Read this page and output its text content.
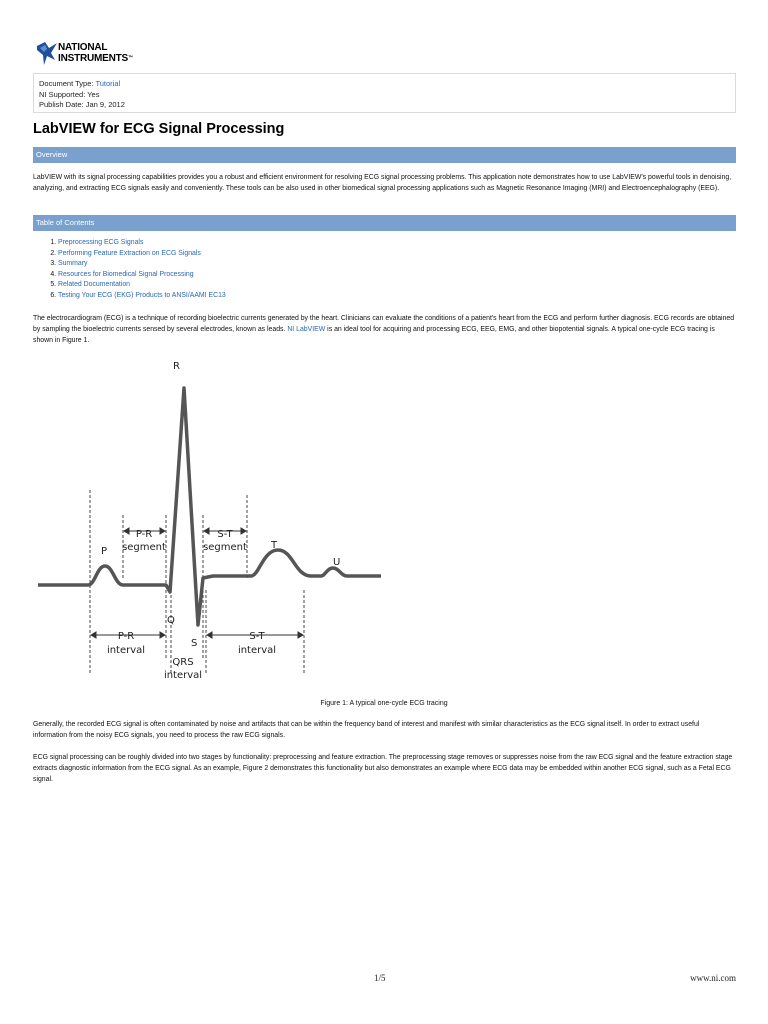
NATIONAL
INSTRUMENTS™
Document Type: Tutorial
NI Supported: Yes
Publish Date: Jan 9, 2012
LabVIEW for ECG Signal Processing
Overview

LabVIEW with its signal processing capabilities provides you a robust and efficient environment for resolving ECG signal processing problems. This application note demonstrates how to use LabVIEW's powerful tools in denoising, analyzing, and extracting ECG signals easily and conveniently. These tools can be also used in other biomedical signal processing applications such as Magnetic Resonance Imaging (MRI) and Electroencephalography (EEG).

Table of Contents
1. Preprocessing ECG Signals
2. Performing Feature Extraction on ECG Signals
3. Summary
4. Resources for Biomedical Signal Processing
5. Related Documentation
6. Testing Your ECG (EKG) Products to ANSI/AAMI EC13

The electrocardiogram (ECG) is a technique of recording bioelectric currents generated by the heart. Clinicians can evaluate the conditions of a patient's heart from the ECG and perform further diagnosis. ECG records are obtained by sampling the bioelectric currents sensed by several electrodes, known as leads. NI LabVIEW is an ideal tool for acquiring and processing ECG, EEG, EMG, and other biopotential signals. A typical one-cycle ECG tracing is shown in Figure 1.

R
P
Q
S
T
U
P-R
segment
S-T
segment
P-R
interval
S-T
interval
QRS
interval
Figure 1: A typical one-cycle ECG tracing

Generally, the recorded ECG signal is often contaminated by noise and artifacts that can be within the frequency band of interest and manifest with similar characteristics as the ECG signal itself. In order to extract useful information from the noisy ECG signals, you need to process the raw ECG signals.

ECG signal processing can be roughly divided into two stages by functionality: preprocessing and feature extraction. The preprocessing stage removes or suppresses noise from the raw ECG signal and the feature extraction stage extracts diagnostic information from the ECG signal. As an example, Figure 2 demonstrates this functionality but also demonstrates an example where ECG data may be embedded within another ECG signal, such as a Fetal ECG signal.

1/5	www.ni.com
